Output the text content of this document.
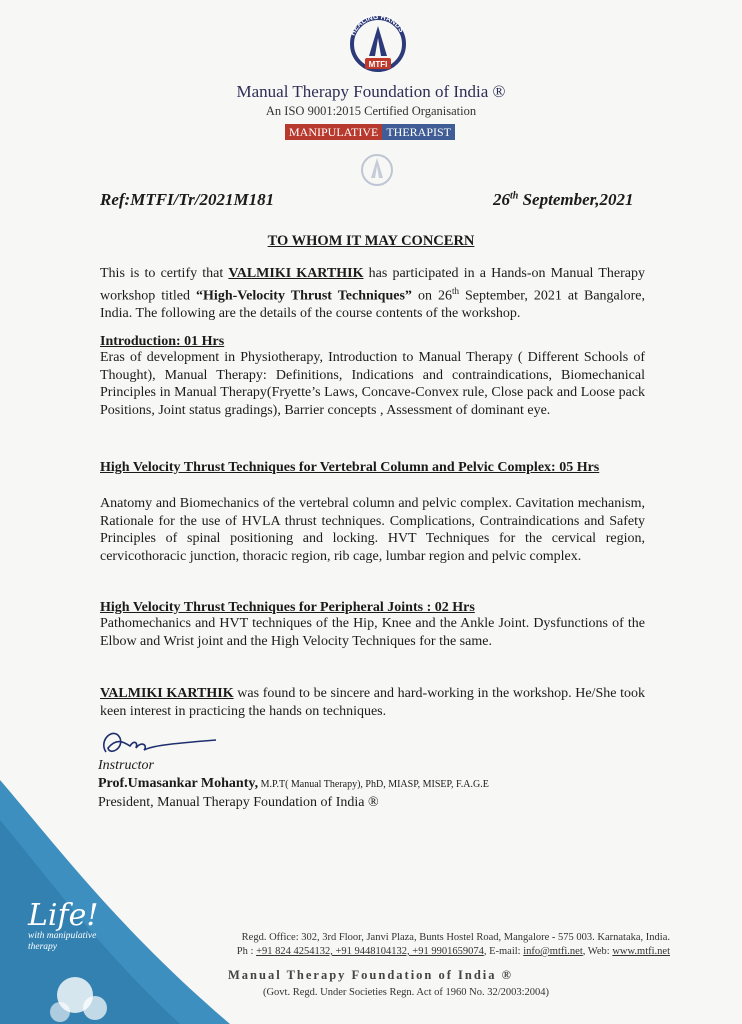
HEALING HANDS
MTFI
Manual Therapy Foundation of India ®
An ISO 9001:2015 Certified Organisation
MANIPULATIVE THERAPIST
Ref:MTFI/Tr/2021M181	26th September,2021
TO WHOM IT MAY CONCERN
This is to certify that VALMIKI KARTHIK has participated in a Hands-on Manual Therapy workshop titled “High-Velocity Thrust Techniques” on 26th September, 2021 at Bangalore, India. The following are the details of the course contents of the workshop.
Introduction: 01 Hrs
Eras of development in Physiotherapy, Introduction to Manual Therapy ( Different Schools of Thought), Manual Therapy: Definitions, Indications and contraindications, Biomechanical Principles in Manual Therapy(Fryette’s Laws, Concave-Convex rule, Close pack and Loose pack Positions, Joint status gradings), Barrier concepts , Assessment of dominant eye.
High Velocity Thrust Techniques for Vertebral Column and Pelvic Complex: 05 Hrs
Anatomy and Biomechanics of the vertebral column and pelvic complex. Cavitation mechanism, Rationale for the use of HVLA thrust techniques. Complications, Contraindications and Safety Principles of spinal positioning and locking. HVT Techniques for the cervical region, cervicothoracic junction, thoracic region, rib cage, lumbar region and pelvic complex.
High Velocity Thrust Techniques for Peripheral Joints : 02 Hrs
Pathomechanics and HVT techniques of the Hip, Knee and the Ankle Joint. Dysfunctions of the Elbow and Wrist joint and the High Velocity Techniques for the same.
VALMIKI KARTHIK was found to be sincere and hard-working in the workshop. He/She took keen interest in practicing the hands on techniques.
Instructor
Prof.Umasankar Mohanty, M.P.T( Manual Therapy), PhD, MIASP, MISEP, F.A.G.E
President, Manual Therapy Foundation of India ®
Life!
with manipulative therapy
Regd. Office: 302, 3rd Floor, Janvi Plaza, Bunts Hostel Road, Mangalore - 575 003. Karnataka, India.
Ph : +91 824 4254132, +91 9448104132, +91 9901659074, E-mail: info@mtfi.net, Web: www.mtfi.net
Manual Therapy Foundation of India ®
(Govt. Regd. Under Societies Regn. Act of 1960 No. 32/2003:2004)
